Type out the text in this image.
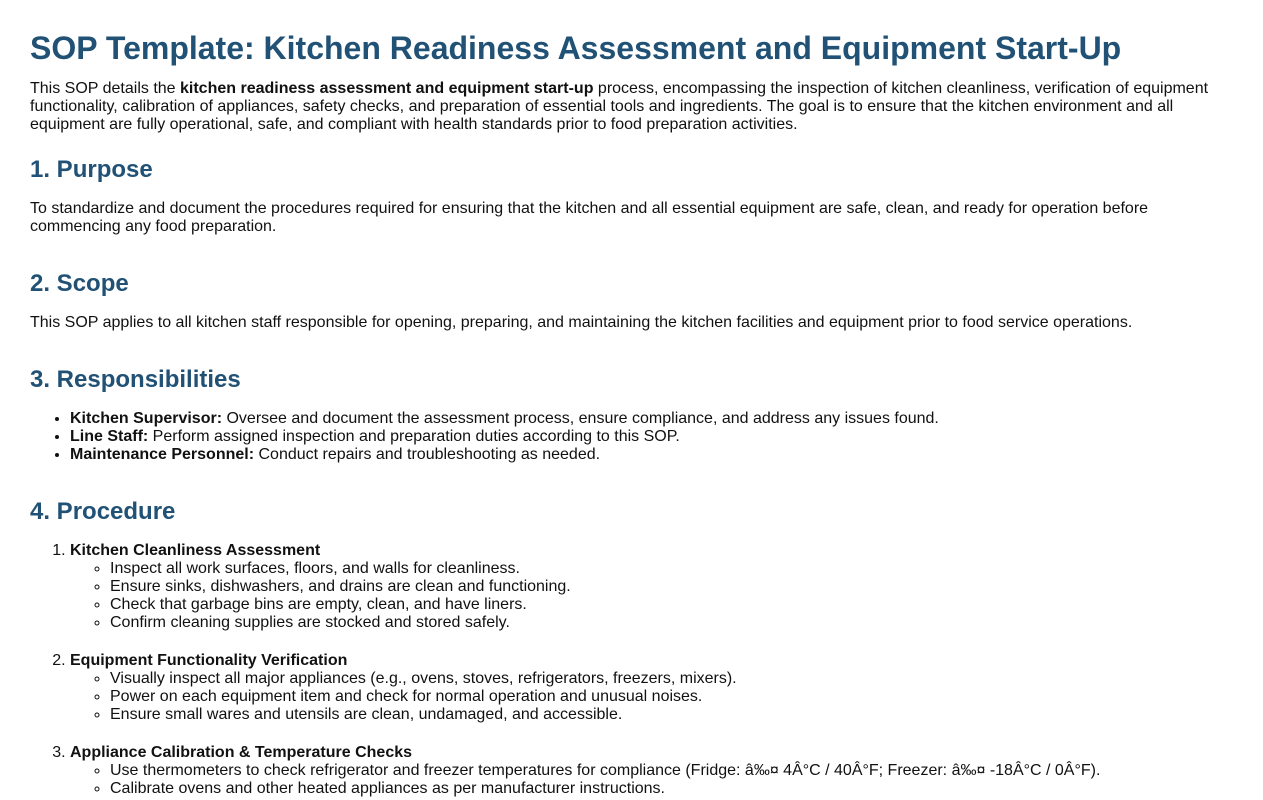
SOP Template: Kitchen Readiness Assessment and Equipment Start-Up

This SOP details the kitchen readiness assessment and equipment start-up process, encompassing the inspection of kitchen cleanliness, verification of equipment functionality, calibration of appliances, safety checks, and preparation of essential tools and ingredients. The goal is to ensure that the kitchen environment and all equipment are fully operational, safe, and compliant with health standards prior to food preparation activities.

1. Purpose

To standardize and document the procedures required for ensuring that the kitchen and all essential equipment are safe, clean, and ready for operation before commencing any food preparation.

2. Scope

This SOP applies to all kitchen staff responsible for opening, preparing, and maintaining the kitchen facilities and equipment prior to food service operations.

3. Responsibilities
• Kitchen Supervisor: Oversee and document the assessment process, ensure compliance, and address any issues found.
• Line Staff: Perform assigned inspection and preparation duties according to this SOP.
• Maintenance Personnel: Conduct repairs and troubleshooting as needed.
4. Procedure
1. Kitchen Cleanliness Assessment
◦ Inspect all work surfaces, floors, and walls for cleanliness.
◦ Ensure sinks, dishwashers, and drains are clean and functioning.
◦ Check that garbage bins are empty, clean, and have liners.
◦ Confirm cleaning supplies are stocked and stored safely.
2. Equipment Functionality Verification
◦ Visually inspect all major appliances (e.g., ovens, stoves, refrigerators, freezers, mixers).
◦ Power on each equipment item and check for normal operation and unusual noises.
◦ Ensure small wares and utensils are clean, undamaged, and accessible.
3. Appliance Calibration & Temperature Checks
◦ Use thermometers to check refrigerator and freezer temperatures for compliance (Fridge: â‰¤ 4Â°C / 40Â°F; Freezer: â‰¤ -18Â°C / 0Â°F).
◦ Calibrate ovens and other heated appliances as per manufacturer instructions.
